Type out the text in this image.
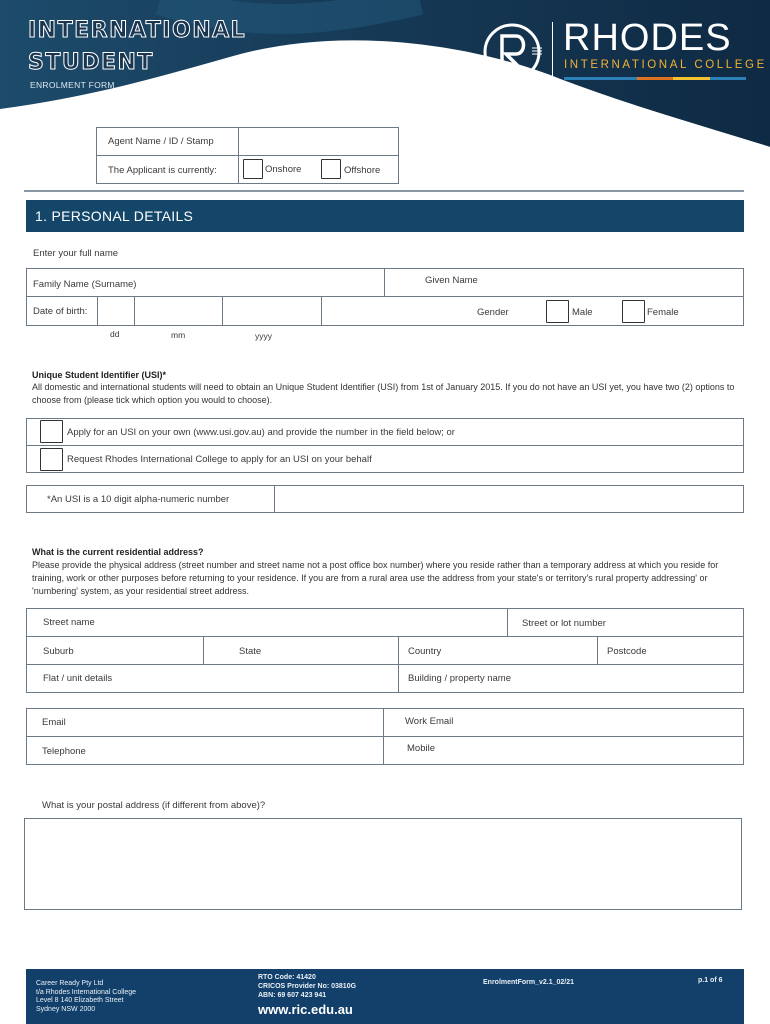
INTERNATIONAL
STUDENT
ENROLMENT FORM
RHODES
INTERNATIONAL COLLEGE
Agent Name / ID / Stamp
The Applicant is currently:	Onshore	Offshore
1. PERSONAL DETAILS
Enter your full name
Family Name (Surname)	Given Name
Date of birth:	Gender	Male	Female
dd	mm	yyyy
Unique Student Identifier (USI)*
All domestic and international students will need to obtain an Unique Student Identifier (USI) from 1st of January 2015. If you do not have an USI yet, you have two (2) options to choose from (please tick which option you would to choose).
Apply for an USI on your own (www.usi.gov.au) and provide the number in the field below; or
Request Rhodes International College to apply for an USI on your behalf
*An USI is a 10 digit alpha-numeric number
What is the current residential address?
Please provide the physical address (street number and street name not a post office box number) where you reside rather than a temporary address at which you reside for training, work or other purposes before returning to your residence. If you are from a rural area use the address from your state's or territory's rural property addressing' or 'numbering' system, as your residential street address.
Street name	Street or lot number
Suburb	State	Country	Postcode
Flat / unit details	Building / property name
Email	Work Email
Telephone	Mobile
What is your postal address (if different from above)?
Career Ready Pty Ltd
t/a Rhodes International College
Level 8 140 Elizabeth Street
Sydney NSW 2000
RTO Code: 41420
CRICOS Provider No: 03810G
ABN: 69 607 423 941
www.ric.edu.au
EnrolmentForm_v2.1_02/21	p.1 of 6
